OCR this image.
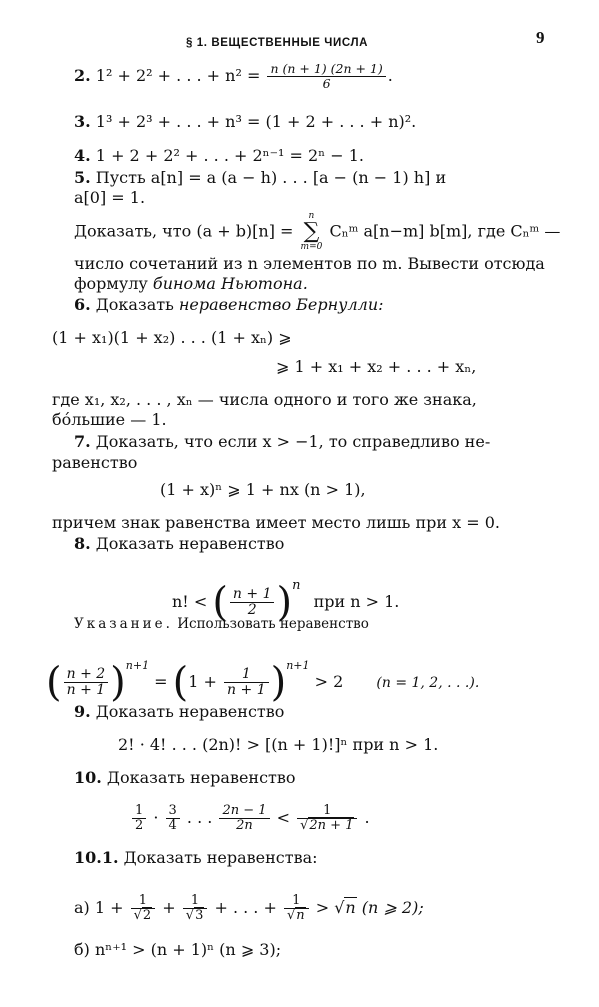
§ 1. ВЕЩЕСТВЕННЫЕ ЧИСЛА	9
2. 1² + 2² + . . . + $n^2 = \frac{n (n + 1) (2n + 1)}{6}$ .
3. 1³ + 2³ + . . . + n³ = (1 + 2 + . . . + n)².
4. 1 + 2 + 2² + . . . + 2ⁿ⁻¹ = 2ⁿ − 1.
5. Пусть a[n] = a (a − h) . . . [a − (n − 1) h] и
a[0] = 1.
Доказать, что (a + b)[n] =
n
∑
m=0
Cₙᵐ a[n−m] b[m], где Cₙᵐ —
число сочетаний из n элементов по m. Вывести отсюда
формулу бинома Ньютона.
6. Доказать неравенство Бернулли:
(1 + x₁)(1 + x₂) . . . (1 + xₙ) ⩾
⩾ 1 + x₁ + x₂ + . . . + xₙ,
где x₁, x₂, . . . , xₙ — числа одного и того же знака,
бо́льшие — 1.
7. Доказать, что если x > −1, то справедливо не-
равенство
(1 + x)ⁿ ⩾ 1 + nx (n > 1),
причем знак равенства имеет место лишь при x = 0.
8. Доказать неравенство
n! < ( $\frac{n + 1}{2} )^n$ при n > 1.
Указание. Использовать неравенство
( $\frac{n + 2}{n + 1} )^{n+1} = (1 + \frac{1}{n + 1} )^{n+1} > 2$ (n = 1, 2, . . .).
9. Доказать неравенство
2! · 4! . . . (2n)! > [(n + 1)!]ⁿ при n > 1.
10. Доказать неравенство
$\frac{1}{2} \cdot \frac{3}{4}$ . . . $\frac{2n - 1}{2n} < \frac{1}{√2n + 1}$ .
10.1. Доказать неравенства:
а) $1 + \frac{1}{√2} + \frac{1}{√3}$ + . . . + $\frac{1}{√n} > √n$ (n ⩾ 2);
б) nⁿ⁺¹ > (n + 1)ⁿ (n ⩾ 3);
